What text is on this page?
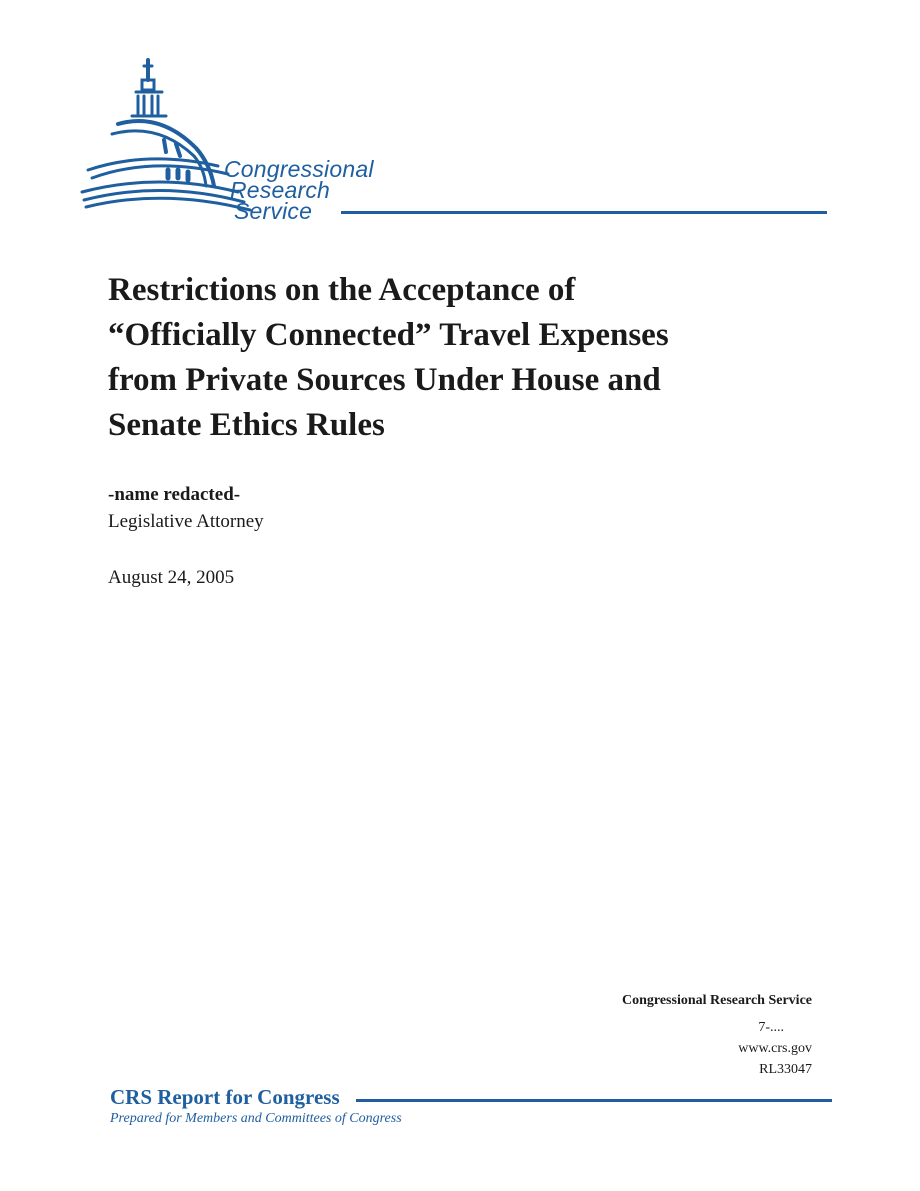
Congressional
Research
Service
Restrictions on the Acceptance of
“Officially Connected” Travel Expenses
from Private Sources Under House and
Senate Ethics Rules
-name redacted-
Legislative Attorney
August 24, 2005
Congressional Research Service
7-....
www.crs.gov
RL33047
CRS Report for Congress
Prepared for Members and Committees of Congress
